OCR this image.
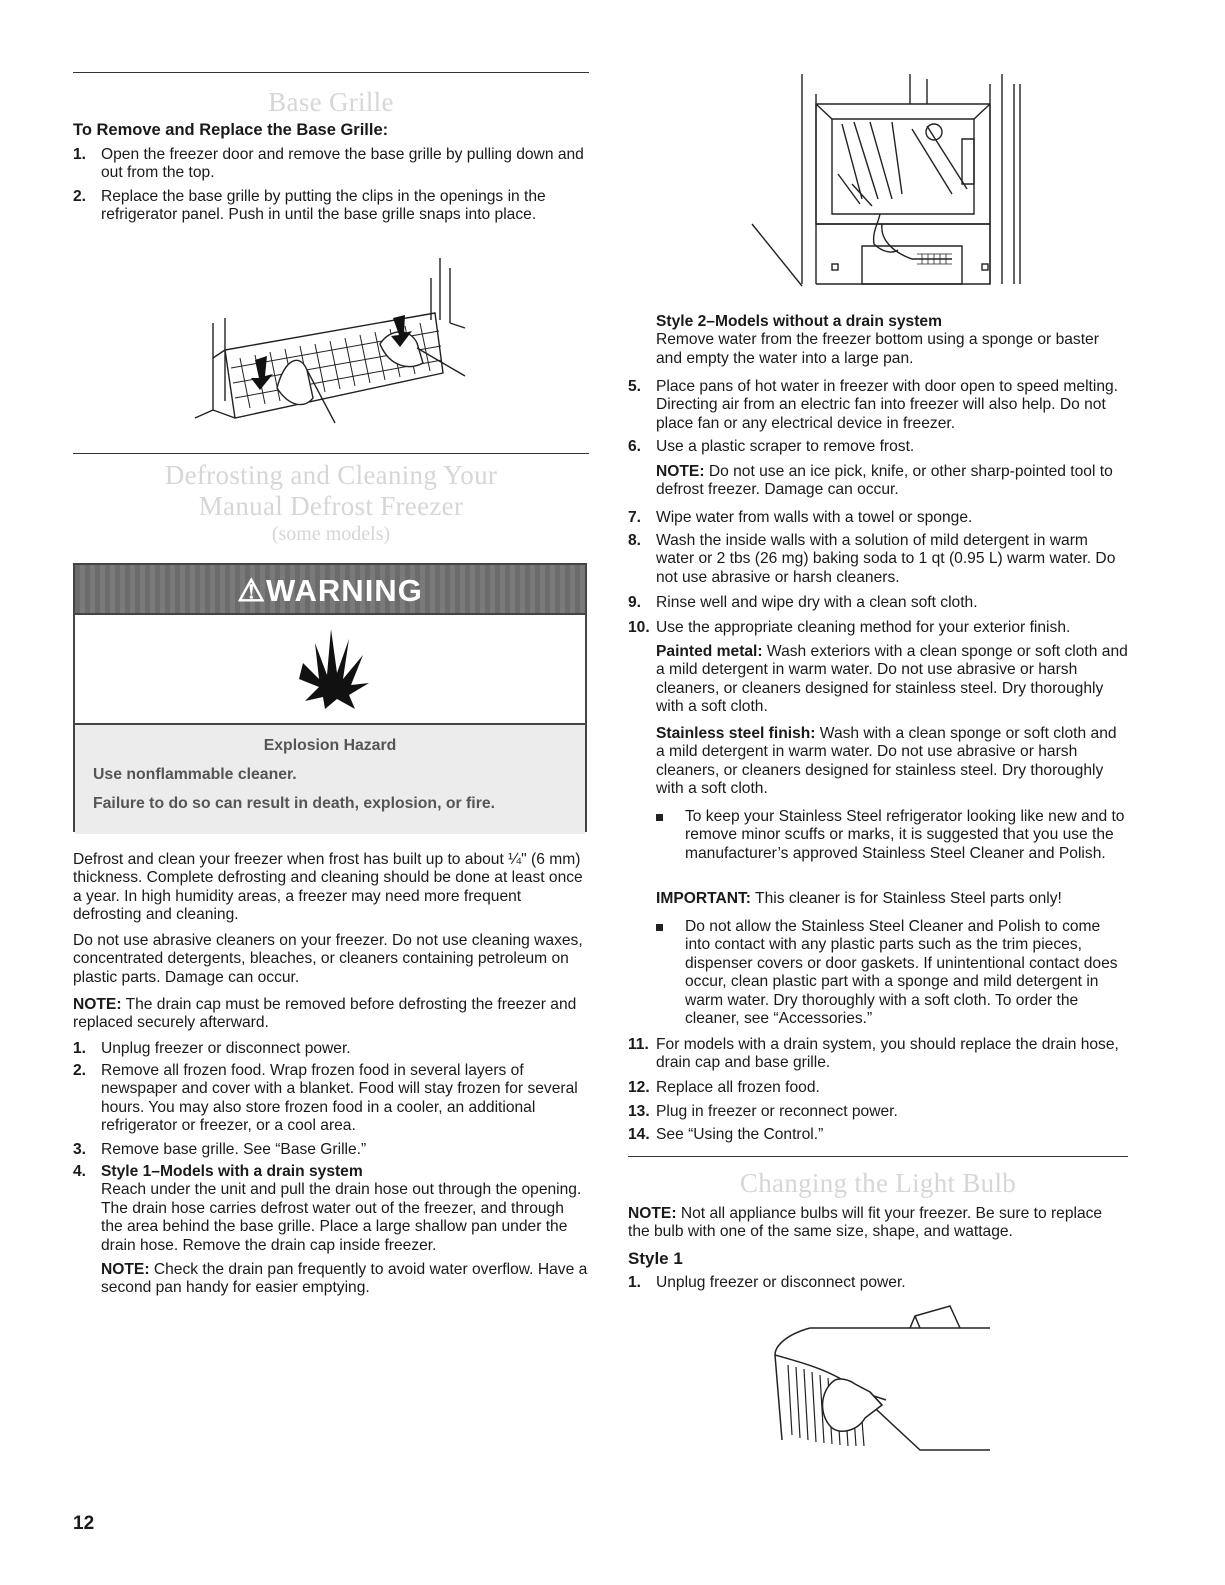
Base Grille
To Remove and Replace the Base Grille:
1. Open the freezer door and remove the base grille by pulling down and out from the top.
2. Replace the base grille by putting the clips in the openings in the refrigerator panel. Push in until the base grille snaps into place.
Defrosting and Cleaning Your
Manual Defrost Freezer
(some models)
⚠WARNING
Explosion Hazard
Use nonflammable cleaner.
Failure to do so can result in death, explosion, or fire.
Defrost and clean your freezer when frost has built up to about ¼" (6 mm) thickness. Complete defrosting and cleaning should be done at least once a year. In high humidity areas, a freezer may need more frequent defrosting and cleaning.
Do not use abrasive cleaners on your freezer. Do not use cleaning waxes, concentrated detergents, bleaches, or cleaners containing petroleum on plastic parts. Damage can occur.
NOTE: The drain cap must be removed before defrosting the freezer and replaced securely afterward.
1. Unplug freezer or disconnect power.
2. Remove all frozen food. Wrap frozen food in several layers of newspaper and cover with a blanket. Food will stay frozen for several hours. You may also store frozen food in a cooler, an additional refrigerator or freezer, or a cool area.
3. Remove base grille. See “Base Grille.”
4. Style 1–Models with a drain system
Reach under the unit and pull the drain hose out through the opening. The drain hose carries defrost water out of the freezer, and through the area behind the base grille. Place a large shallow pan under the drain hose. Remove the drain cap inside freezer.
NOTE: Check the drain pan frequently to avoid water overflow. Have a second pan handy for easier emptying.
12
Style 2–Models without a drain system
Remove water from the freezer bottom using a sponge or baster and empty the water into a large pan.
5. Place pans of hot water in freezer with door open to speed melting. Directing air from an electric fan into freezer will also help. Do not place fan or any electrical device in freezer.
6. Use a plastic scraper to remove frost.
NOTE: Do not use an ice pick, knife, or other sharp-pointed tool to defrost freezer. Damage can occur.
7. Wipe water from walls with a towel or sponge.
8. Wash the inside walls with a solution of mild detergent in warm water or 2 tbs (26 mg) baking soda to 1 qt (0.95 L) warm water. Do not use abrasive or harsh cleaners.
9. Rinse well and wipe dry with a clean soft cloth.
10. Use the appropriate cleaning method for your exterior finish.
Painted metal: Wash exteriors with a clean sponge or soft cloth and a mild detergent in warm water. Do not use abrasive or harsh cleaners, or cleaners designed for stainless steel. Dry thoroughly with a soft cloth.
Stainless steel finish: Wash with a clean sponge or soft cloth and a mild detergent in warm water. Do not use abrasive or harsh cleaners, or cleaners designed for stainless steel. Dry thoroughly with a soft cloth.
To keep your Stainless Steel refrigerator looking like new and to remove minor scuffs or marks, it is suggested that you use the manufacturer’s approved Stainless Steel Cleaner and Polish.
IMPORTANT: This cleaner is for Stainless Steel parts only!
Do not allow the Stainless Steel Cleaner and Polish to come into contact with any plastic parts such as the trim pieces, dispenser covers or door gaskets. If unintentional contact does occur, clean plastic part with a sponge and mild detergent in warm water. Dry thoroughly with a soft cloth. To order the cleaner, see “Accessories.”
11. For models with a drain system, you should replace the drain hose, drain cap and base grille.
12. Replace all frozen food.
13. Plug in freezer or reconnect power.
14. See “Using the Control.”
Changing the Light Bulb
NOTE: Not all appliance bulbs will fit your freezer. Be sure to replace the bulb with one of the same size, shape, and wattage.
Style 1
1. Unplug freezer or disconnect power.
